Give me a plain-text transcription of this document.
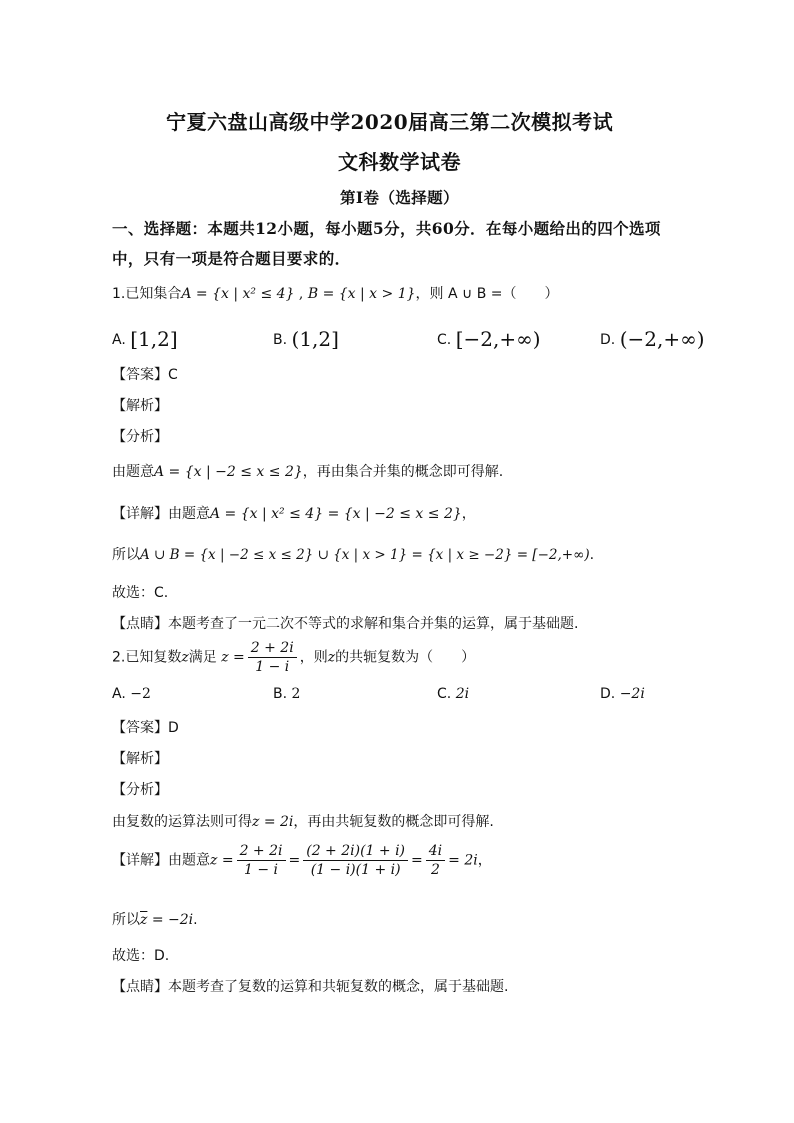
宁夏六盘山高级中学2020届高三第二次模拟考试
文科数学试卷
第I卷（选择题）
一、选择题：本题共12小题，每小题5分，共60分．在每小题给出的四个选项
中，只有一项是符合题目要求的．
1.已知集合A = {x | x² ≤ 4} , B = {x | x > 1}，则 A ∪ B =（　　）
A. [1,2]	B. (1,2]	C. [−2,+∞)	D. (−2,+∞)
【答案】C
【解析】
【分析】
由题意A = {x | −2 ≤ x ≤ 2}，再由集合并集的概念即可得解.
【详解】由题意A = {x | x² ≤ 4} = {x | −2 ≤ x ≤ 2}，
所以A ∪ B = {x | −2 ≤ x ≤ 2} ∪ {x | x > 1} = {x | x ≥ −2} = [−2,+∞).
故选：C.
【点睛】本题考查了一元二次不等式的求解和集合并集的运算，属于基础题.
2.已知复数z满足 $z = \frac{2 + 2i}{1 - i}$ ，则z的共轭复数为（　　）
A. −2	B. 2	C. 2i	D. −2i
【答案】D
【解析】
【分析】
由复数的运算法则可得z = 2i，再由共轭复数的概念即可得解.
【详解】由题意$z = \frac{2 + 2i}{1 - i} = \frac{(2 + 2i)(1 + i)}{(1 - i)(1 + i)} = \frac{4i}{2} = 2i$，
所以$\overline{z} = -2i$.
故选：D.
【点睛】本题考查了复数的运算和共轭复数的概念，属于基础题.
